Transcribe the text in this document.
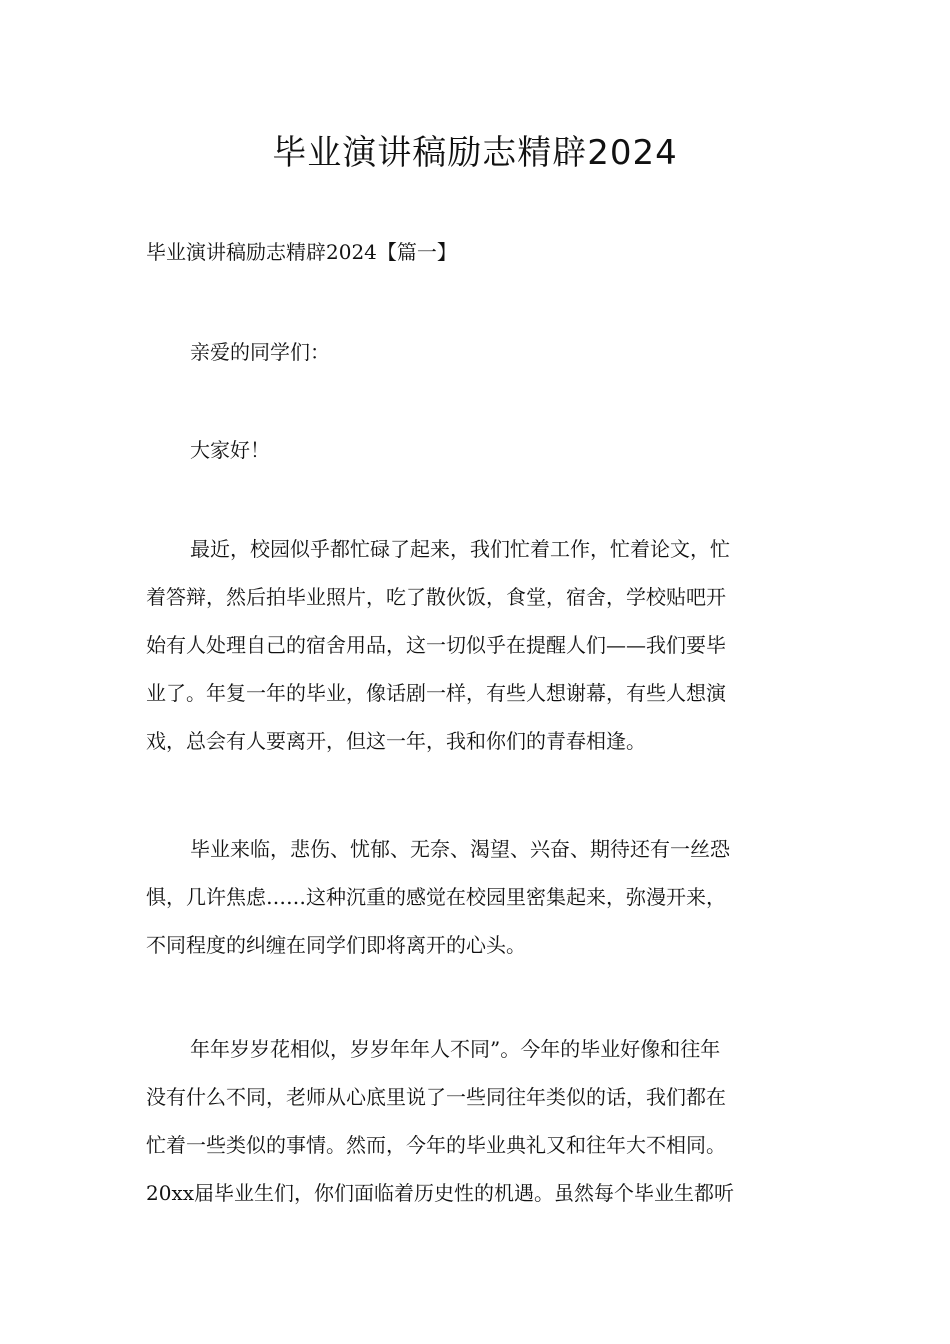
毕业演讲稿励志精辟2024

毕业演讲稿励志精辟2024【篇一】

亲爱的同学们：
大家好！
最近，校园似乎都忙碌了起来，我们忙着工作，忙着论文，忙
着答辩，然后拍毕业照片，吃了散伙饭，食堂，宿舍，学校贴吧开
始有人处理自己的宿舍用品，这一切似乎在提醒人们——我们要毕
业了。年复一年的毕业，像话剧一样，有些人想谢幕，有些人想演
戏，总会有人要离开，但这一年，我和你们的青春相逢。
毕业来临，悲伤、忧郁、无奈、渴望、兴奋、期待还有一丝恐
惧，几许焦虑……这种沉重的感觉在校园里密集起来，弥漫开来，
不同程度的纠缠在同学们即将离开的心头。
年年岁岁花相似，岁岁年年人不同”。今年的毕业好像和往年
没有什么不同，老师从心底里说了一些同往年类似的话，我们都在
忙着一些类似的事情。然而，今年的毕业典礼又和往年大不相同。
20xx届毕业生们，你们面临着历史性的机遇。虽然每个毕业生都听
